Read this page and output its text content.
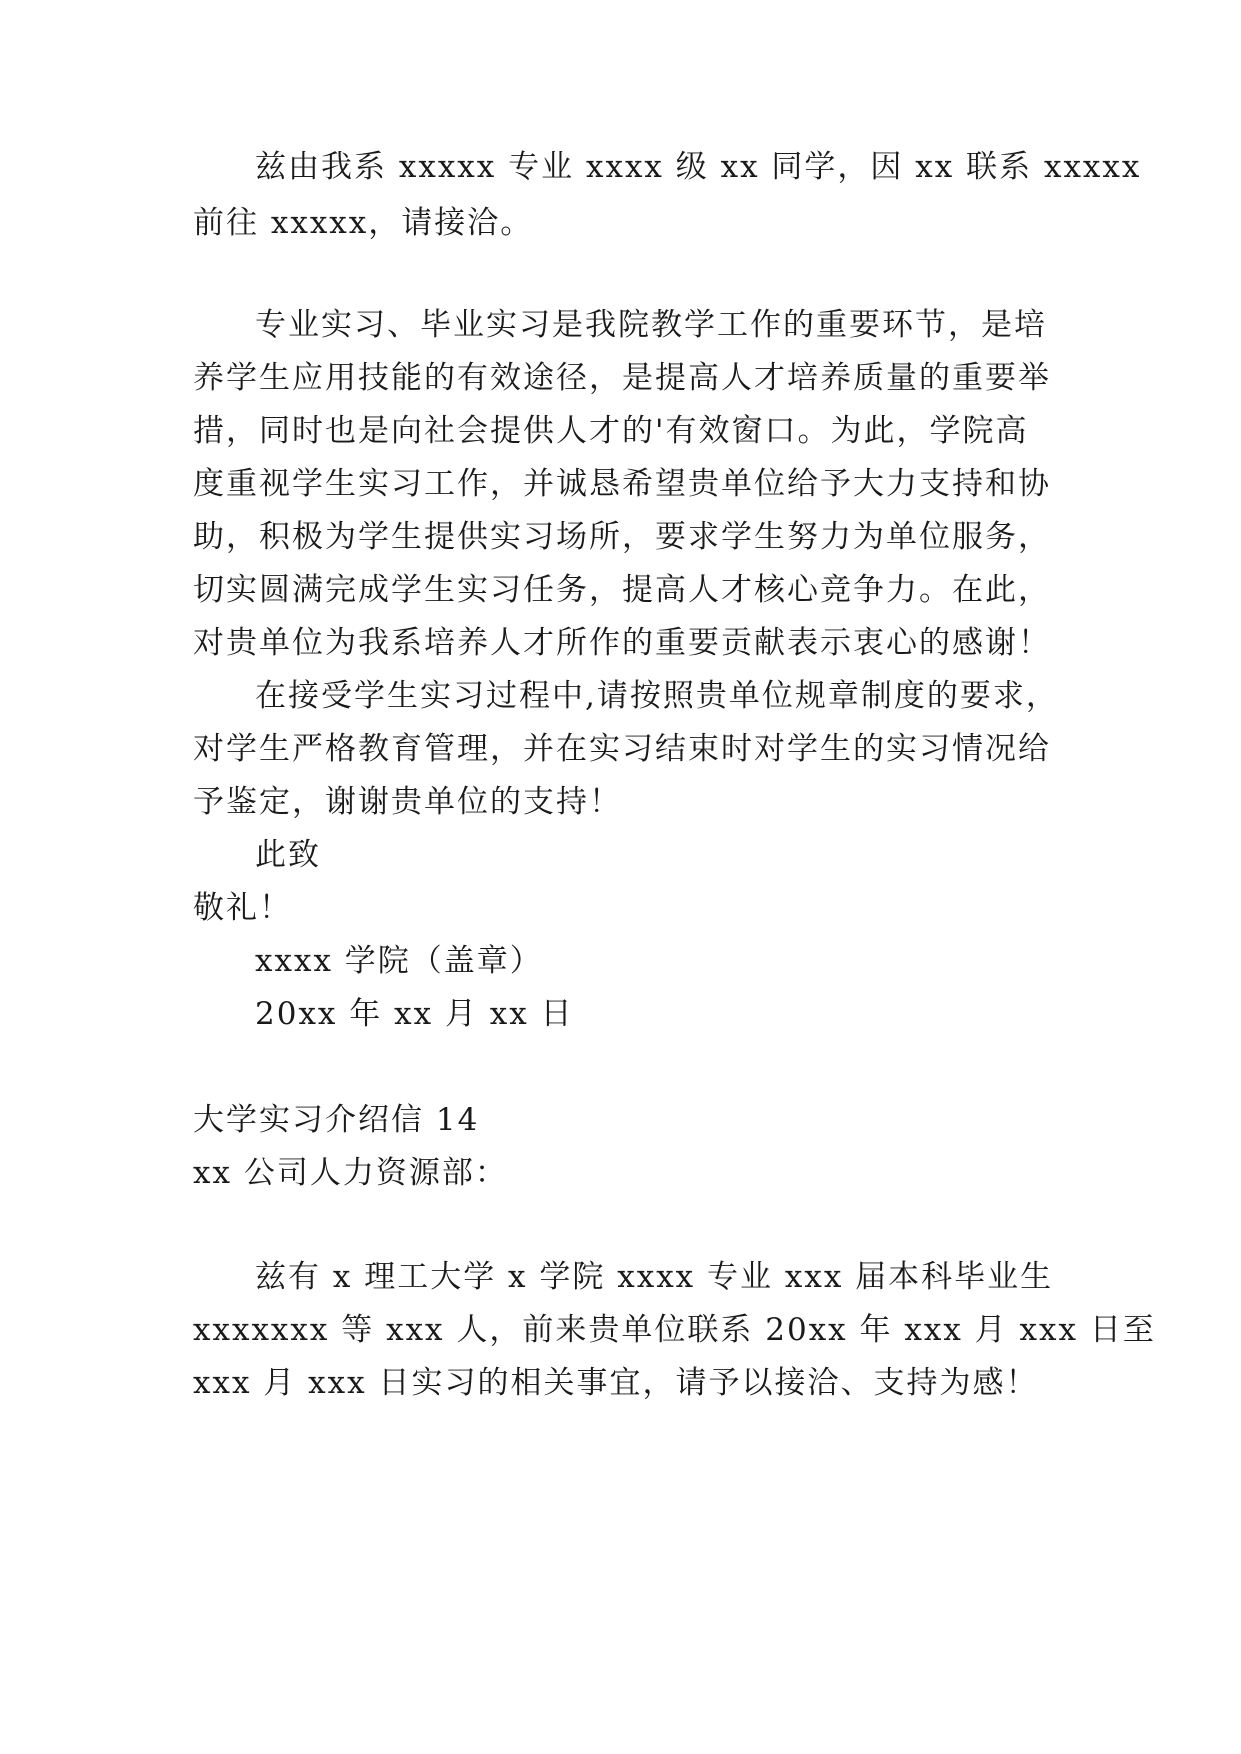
兹由我系 xxxxx 专业 xxxx 级 xx 同学，因 xx 联系 xxxxx
前往 xxxxx，请接洽。
专业实习、毕业实习是我院教学工作的重要环节，是培
养学生应用技能的有效途径，是提高人才培养质量的重要举
措，同时也是向社会提供人才的'有效窗口。为此，学院高
度重视学生实习工作，并诚恳希望贵单位给予大力支持和协
助，积极为学生提供实习场所，要求学生努力为单位服务，
切实圆满完成学生实习任务，提高人才核心竞争力。在此，
对贵单位为我系培养人才所作的重要贡献表示衷心的感谢！
在接受学生实习过程中,请按照贵单位规章制度的要求，
对学生严格教育管理，并在实习结束时对学生的实习情况给
予鉴定，谢谢贵单位的支持！
此致
敬礼！
xxxx 学院（盖章）
20xx 年 xx 月 xx 日
大学实习介绍信 14
xx 公司人力资源部：
兹有 x 理工大学 x 学院 xxxx 专业 xxx 届本科毕业生
xxxxxxx 等 xxx 人，前来贵单位联系 20xx 年 xxx 月 xxx 日至
xxx 月 xxx 日实习的相关事宜，请予以接洽、支持为感！
